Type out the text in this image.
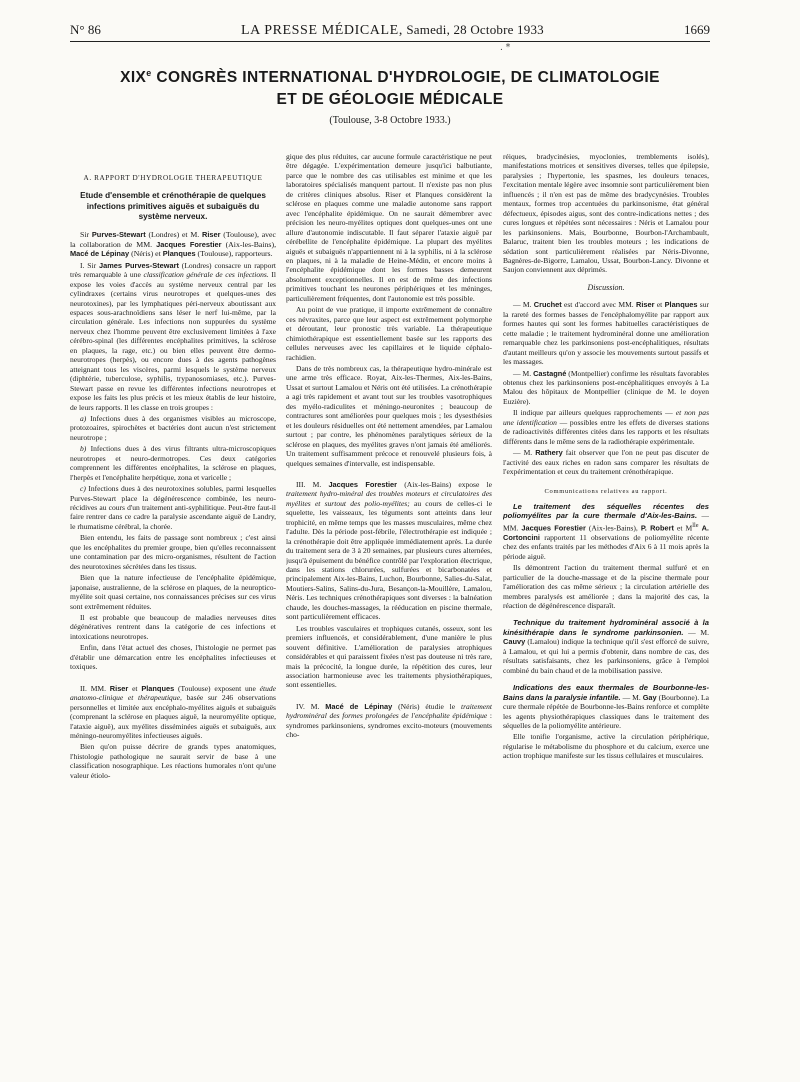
N° 86	LA PRESSE MÉDICALE, Samedi, 28 Octobre 1933	1669
. *

XIXe CONGRÈS INTERNATIONAL D'HYDROLOGIE, DE CLIMATOLOGIE

ET DE GÉOLOGIE MÉDICALE

(Toulouse, 3-8 Octobre 1933.)
A. RAPPORT D'HYDROLOGIE THERAPEUTIQUE
Etude d'ensemble et crénothérapie de quelques infections primitives aiguës et subaiguës du système nerveux.

Sir Purves-Stewart (Londres) et M. Riser (Toulouse), avec la collaboration de MM. Jacques Forestier (Aix-les-Bains), Macé de Lépinay (Néris) et Planques (Toulouse), rapporteurs.

I. Sir James Purves-Stewart (Londres) consacre un rapport très remarquable à une classification générale de ces infections. Il expose les voies d'accès au système nerveux central par les cylindraxes (certains virus neurotropes et quelques-unes des neurotoxines), par les lymphatiques péri-nerveux aboutissant aux espaces sous-arachnoïdiens sans léser le nerf lui-même, par la circulation générale. Les infections non suppurées du système nerveux chez l'homme peuvent être exclusivement limitées à l'axe cérébro-spinal (les différentes encéphalites primitives, la sclérose en plaques, la rage, etc.) ou bien elles peuvent être dermo-neurotropes (herpès), ou encore dues à des agents pathogènes atteignant tous les viscères, parmi lesquels le système nerveux (diphtérie, tuberculose, syphilis, trypanosomiases, etc.). Purves-Stewart passe en revue les différentes infections neurotropes et expose les faits les plus précis et les mieux établis de leur histoire, de leurs rapports. Il les classe en trois groupes :

a) Infections dues à des organismes visibles au microscope, protozoaires, spirochètes et bactéries dont aucun n'est strictement neurotrope ;

b) Infections dues à des virus filtrants ultra-microscopiques neurotropes et neuro-dermotropes. Ces deux catégories comprennent les différentes encéphalites, la sclérose en plaques, l'herpès et l'encéphalite herpétique, zona et varicelle ;

c) Infections dues à des neurotoxines solubles, parmi lesquelles Purves-Stewart place la dégénérescence combinée, les neuro-récidives au cours d'un traitement anti-syphilitique. Peut-être faut-il faire rentrer dans ce cadre la paralysie ascendante aiguë de Landry, le rhumatisme cérébral, la chorée.

Bien entendu, les faits de passage sont nombreux ; c'est ainsi que les encéphalites du premier groupe, bien qu'elles reconnaissent une contamination par des micro-organismes, résultent de l'action des neurotoxines sécrétées dans les tissus.

Bien que la nature infectieuse de l'encéphalite épidémique, japonaise, australienne, de la sclérose en plaques, de la neuroptico-myélite soit quasi certaine, nos connaissances précises sur ces virus sont extrêmement réduites.

Il est probable que beaucoup de maladies nerveuses dites dégénératives rentrent dans la catégorie de ces infections et intoxications neurotropes.

Enfin, dans l'état actuel des choses, l'histologie ne permet pas d'établir une démarcation entre les encéphalites infectieuses et toxiques.

II. MM. Riser et Planques (Toulouse) exposent une étude anatomo-clinique et thérapeutique, basée sur 246 observations personnelles et limitée aux encéphalo-myélites aiguës et subaiguës (comprenant la sclérose en plaques aiguë, la neuromyélite optique, l'ataxie aiguë), aux myélites disséminées aiguës et subaiguës, aux méningo-neuromyélites infectieuses aiguës.

Bien qu'on puisse décrire de grands types anatomiques, l'histologie pathologique ne saurait servir de base à une classification nosographique. Les réactions humorales n'ont qu'une valeur étiolo-

gique des plus réduites, car aucune formule caractéristique ne peut être dégagée. L'expérimentation demeure jusqu'ici balbutiante, parce que le nombre des cas utilisables est minime et que les laboratoires spécialisés manquent partout. Il n'existe pas non plus de critères cliniques absolus. Riser et Planques considèrent la sclérose en plaques comme une maladie autonome sans rapport avec l'encéphalite épidémique. On ne saurait démembrer avec précision les neuro-myélites optiques dont quelques-unes ont une allure d'autonomie indiscutable. Il faut séparer l'ataxie aiguë par cérébellite de l'encéphalite épidémique. La plupart des myélites aiguës et subaiguës n'appartiennent ni à la syphilis, ni à la sclérose en plaques, ni à la maladie de Heine-Médin, et encore moins à l'encéphalite épidémique dont les formes basses demeurent absolument exceptionnelles. Il en est de même des infections primitives touchant les neurones périphériques et les méninges, particulièrement fréquentes, dont l'autonomie est très possible.

Au point de vue pratique, il importe extrêmement de connaître ces névraxites, parce que leur aspect est extrêmement polymorphe et déroutant, leur pronostic très variable. La thérapeutique chimiothérapique est essentiellement basée sur les rapports des cellules nerveuses avec les capillaires et le liquide céphalo-rachidien.

Dans de très nombreux cas, la thérapeutique hydro-minérale est une arme très efficace. Royat, Aix-les-Thermes, Aix-les-Bains, Ussat et surtout Lamalou et Néris ont été utilisées. La crénothérapie a agi très rapidement et avant tout sur les troubles vasotrophiques des myélo-radiculites et méningo-neuronites ; beaucoup de contractures sont améliorées pour quelques mois ; les dysesthésies et les douleurs résiduelles ont été nettement amendées, par Lamalou surtout ; par contre, les phénomènes paralytiques sérieux de la sclérose en plaques, des myélites graves n'ont jamais été améliorés. Un traitement suffisamment précoce et renouvelé plusieurs fois, à quelques semaines d'intervalle, est indispensable.

III. M. Jacques Forestier (Aix-les-Bains) expose le traitement hydro-minéral des troubles moteurs et circulatoires des myélites et surtout des polio-myélites; au cours de celles-ci le squelette, les vaisseaux, les téguments sont atteints dans leur trophicité, en même temps que les masses musculaires, même chez l'adulte. Dès la période post-fébrile, l'électrothérapie est indiquée ; la crénothérapie doit être appliquée immédiatement après. La durée du traitement sera de 3 à 20 semaines, par plusieurs cures alternées, jusqu'à épuisement du bénéfice contrôlé par l'exploration électrique, dans les stations chlorurées, sulfurées et bicarbonatées et principalement Aix-les-Bains, Luchon, Bourbonne, Salies-du-Salat, Moutiers-Salins, Salins-du-Jura, Besançon-la-Mouillère, Lamalou, Néris. Les techniques crénothérapiques sont diverses : la balnéation chaude, les douches-massages, la rééducation en piscine thermale, sont particulièrement efficaces.

Les troubles vasculaires et trophiques cutanés, osseux, sont les premiers influencés, et considérablement, d'une manière le plus souvent définitive. L'amélioration de paralysies atrophiques considérables et qui paraissent fixées n'est pas douteuse ni très rare, mais la précocité, la longue durée, la répétition des cures, leur association harmonieuse avec les traitements physiothérapiques, sont essentielles.

IV. M. Macé de Lépinay (Néris) étudie le traitement hydrominéral des formes prolongées de l'encéphalite épidémique : syndromes parkinsoniens, syndromes excito-moteurs (mouvements cho-

réiques, bradycinésies, myoclonies, tremblements isolés), manifestations motrices et sensitives diverses, telles que épilepsie, paralysies ; l'hypertonie, les spasmes, les douleurs tenaces, l'excitation mentale légère avec insomnie sont particulièrement bien influencés ; il n'en est pas de même des bradycynésies. Troubles mentaux, formes trop accentuées du parkinsonisme, état général défectueux, épisodes aigus, sont des contre-indications nettes ; des cures longues et répétées sont nécessaires : Néris et Lamalou pour les parkinsoniens. Mais, Bourbonne, Bourbon-l'Archambault, Balaruc, traitent bien les troubles moteurs ; les indications de sédation sont particulièrement réalisées par Néris-Divonne, Bagnères-de-Bigorre, Lamalou, Ussat, Bourbon-Lancy. Divonne et Saujon conviennent aux déprimés.

Discussion.

— M. Cruchet est d'accord avec MM. Riser et Planques sur la rareté des formes basses de l'encéphalomyélite par rapport aux formes hautes qui sont les formes habituelles caractéristiques de cette maladie ; le traitement hydrominéral donne une amélioration remarquable chez les parkinsoniens post-encéphalitiques, résultats d'autant meilleurs qu'on y associe les mouvements surtout passifs et les massages.

— M. Castagné (Montpellier) confirme les résultats favorables obtenus chez les parkinsoniens post-encéphalitiques envoyés à La Malou des hôpitaux de Montpellier (clinique de M. le doyen Euzière).

Il indique par ailleurs quelques rapprochements — et non pas une identification — possibles entre les effets de diverses stations de radioactivités différentes citées dans les rapports et les résultats différents dans le même sens de la radiothérapie expérimentale.

— M. Rathery fait observer que l'on ne peut pas discuter de l'activité des eaux riches en radon sans comparer les résultats de l'expérimentation et ceux du traitement crénothérapique.

Communications relatives au rapport.

Le traitement des séquelles récentes des poliomyélites par la cure thermale d'Aix-les-Bains. — MM. Jacques Forestier (Aix-les-Bains), P. Robert et $M^{lle}$ A. Cortoncini rapportent 11 observations de poliomyélite récente chez des enfants traités par les méthodes d'Aix 6 à 11 mois après la période aiguë.

Ils démontrent l'action du traitement thermal sulfuré et en particulier de la douche-massage et de la piscine thermale pour l'amélioration des cas même sérieux ; la circulation artérielle des membres paralysés est améliorée ; dans la majorité des cas, la réaction de dégénérescence disparaît.

Technique du traitement hydrominéral associé à la kinésithérapie dans le syndrome parkinsonien. — M. Cauvy (Lamalou) indique la technique qu'il s'est efforcé de suivre, à Lamalou, et qui lui a permis d'obtenir, dans nombre de cas, des résultats satisfaisants, chez les parkinsoniens, grâce à l'emploi combiné du bain chaud et de la mobilisation passive.

Indications des eaux thermales de Bourbonne-les-Bains dans la paralysie infantile. — M. Gay (Bourbonne). La cure thermale répétée de Bourbonne-les-Bains renforce et complète les agents physiothérapiques classiques dans le traitement des séquelles de la poliomyélite antérieure.

Elle tonifie l'organisme, active la circulation périphérique, régularise le métabolisme du phosphore et du calcium, exerce une action trophique manifeste sur les tissus cellulaires et musculaires.
